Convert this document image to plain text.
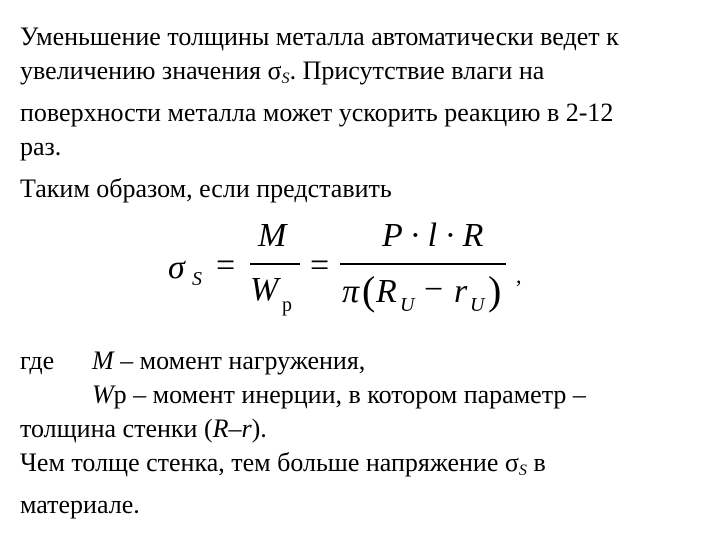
Уменьшение толщины металла автоматически ведет к
увеличению значения $\sigma_S$. Присутствие влаги на
поверхности металла может ускорить реакцию в 2-12
раз.

Таким образом, если представить

σ S =
M
W p
=
P · l · R
π ( R U − r U ) ,
где M – момент нагружения,
Wр – момент инерции, в котором параметр –
толщина стенки (R–r).
Чем толще стенка, тем больше напряжение $\sigma_S$ в
материале.
